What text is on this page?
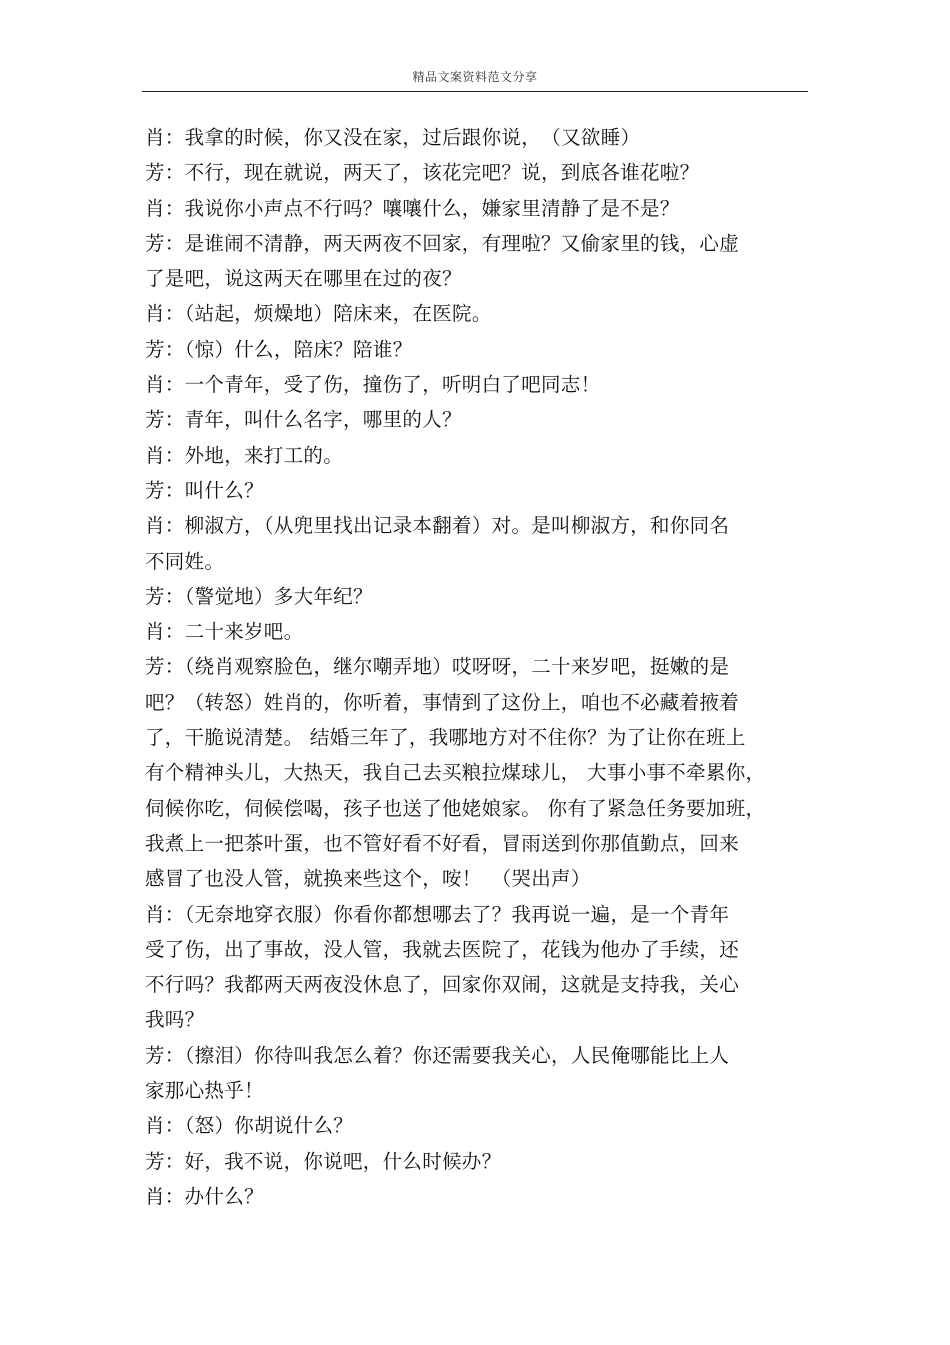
精品文案资料范文分享
肖：我拿的时候，你又没在家，过后跟你说，　（又欲睡）
芳：不行，现在就说，两天了，该花完吧？说，到底各谁花啦？
肖：我说你小声点不行吗？嚷嚷什么，嫌家里清静了是不是？
芳：是谁闹不清静，两天两夜不回家，有理啦？又偷家里的钱，心虚
了是吧，说这两天在哪里在过的夜？
肖：（站起，烦燥地）陪床来，在医院。
芳：（惊）什么，陪床？陪谁？
肖：一个青年，受了伤，撞伤了，听明白了吧同志！
芳：青年，叫什么名字，哪里的人？
肖：外地，来打工的。
芳：叫什么？
肖：柳淑方，（从兜里找出记录本翻着）对。是叫柳淑方，和你同名
不同姓。
芳：（警觉地）多大年纪？
肖：二十来岁吧。
芳：（绕肖观察脸色，继尔嘲弄地）哎呀呀，二十来岁吧，挺嫩的是
吧？（转怒）姓肖的，你听着，事情到了这份上，咱也不必藏着掖着
了，干脆说清楚。 结婚三年了，我哪地方对不住你？为了让你在班上
有个精神头儿，大热天，我自己去买粮拉煤球儿， 大事小事不牵累你，
伺候你吃，伺候偿喝，孩子也送了他姥娘家。 你有了紧急任务要加班，
我煮上一把茶叶蛋，也不管好看不好看，冒雨送到你那值勤点，回来
感冒了也没人管，就换来些这个，咹！　（哭出声）
肖：（无奈地穿衣服）你看你都想哪去了？我再说一遍，是一个青年
受了伤，出了事故，没人管，我就去医院了，花钱为他办了手续，还
不行吗？我都两天两夜没休息了，回家你双闹，这就是支持我，关心
我吗？
芳：（擦泪）你待叫我怎么着？你还需要我关心，人民俺哪能比上人
家那心热乎！
肖：（怒）你胡说什么？
芳：好，我不说，你说吧，什么时候办？
肖：办什么？
